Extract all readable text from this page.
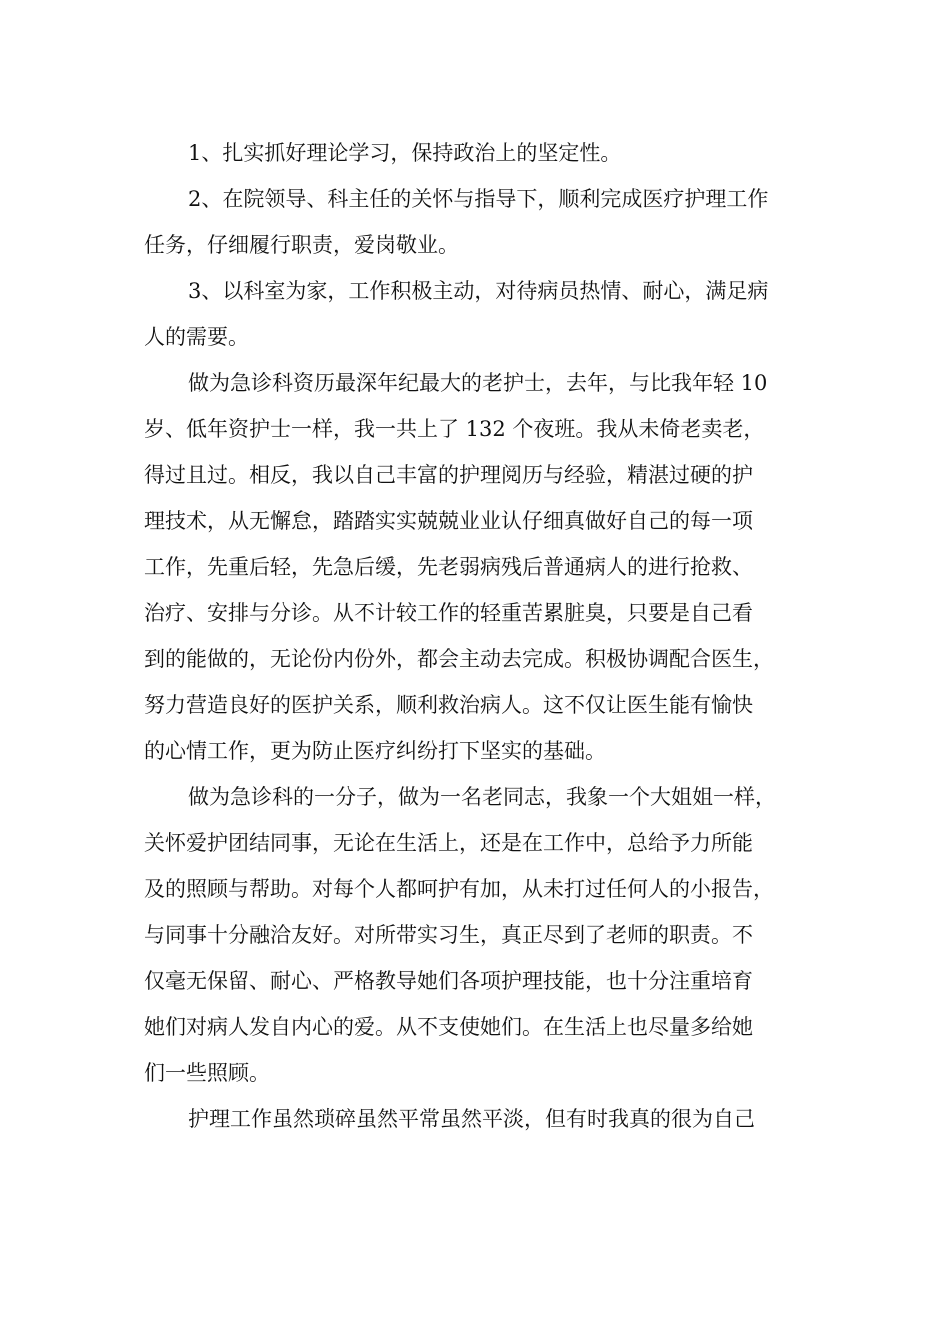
1、扎实抓好理论学习，保持政治上的坚定性。
2、在院领导、科主任的关怀与指导下，顺利完成医疗护理工作
任务，仔细履行职责，爱岗敬业。
3、以科室为家，工作积极主动，对待病员热情、耐心，满足病
人的需要。
做为急诊科资历最深年纪最大的老护士，去年，与比我年轻 10
岁、低年资护士一样，我一共上了 132 个夜班。我从未倚老卖老，
得过且过。相反，我以自己丰富的护理阅历与经验，精湛过硬的护
理技术，从无懈怠，踏踏实实兢兢业业认仔细真做好自己的每一项
工作，先重后轻，先急后缓，先老弱病残后普通病人的进行抢救、
治疗、安排与分诊。从不计较工作的轻重苦累脏臭，只要是自己看
到的能做的，无论份内份外，都会主动去完成。积极协调配合医生，
努力营造良好的医护关系，顺利救治病人。这不仅让医生能有愉快
的心情工作，更为防止医疗纠纷打下坚实的基础。
做为急诊科的一分子，做为一名老同志，我象一个大姐姐一样，
关怀爱护团结同事，无论在生活上，还是在工作中，总给予力所能
及的照顾与帮助。对每个人都呵护有加，从未打过任何人的小报告，
与同事十分融洽友好。对所带实习生，真正尽到了老师的职责。不
仅毫无保留、耐心、严格教导她们各项护理技能，也十分注重培育
她们对病人发自内心的爱。从不支使她们。在生活上也尽量多给她
们一些照顾。
护理工作虽然琐碎虽然平常虽然平淡，但有时我真的很为自己
